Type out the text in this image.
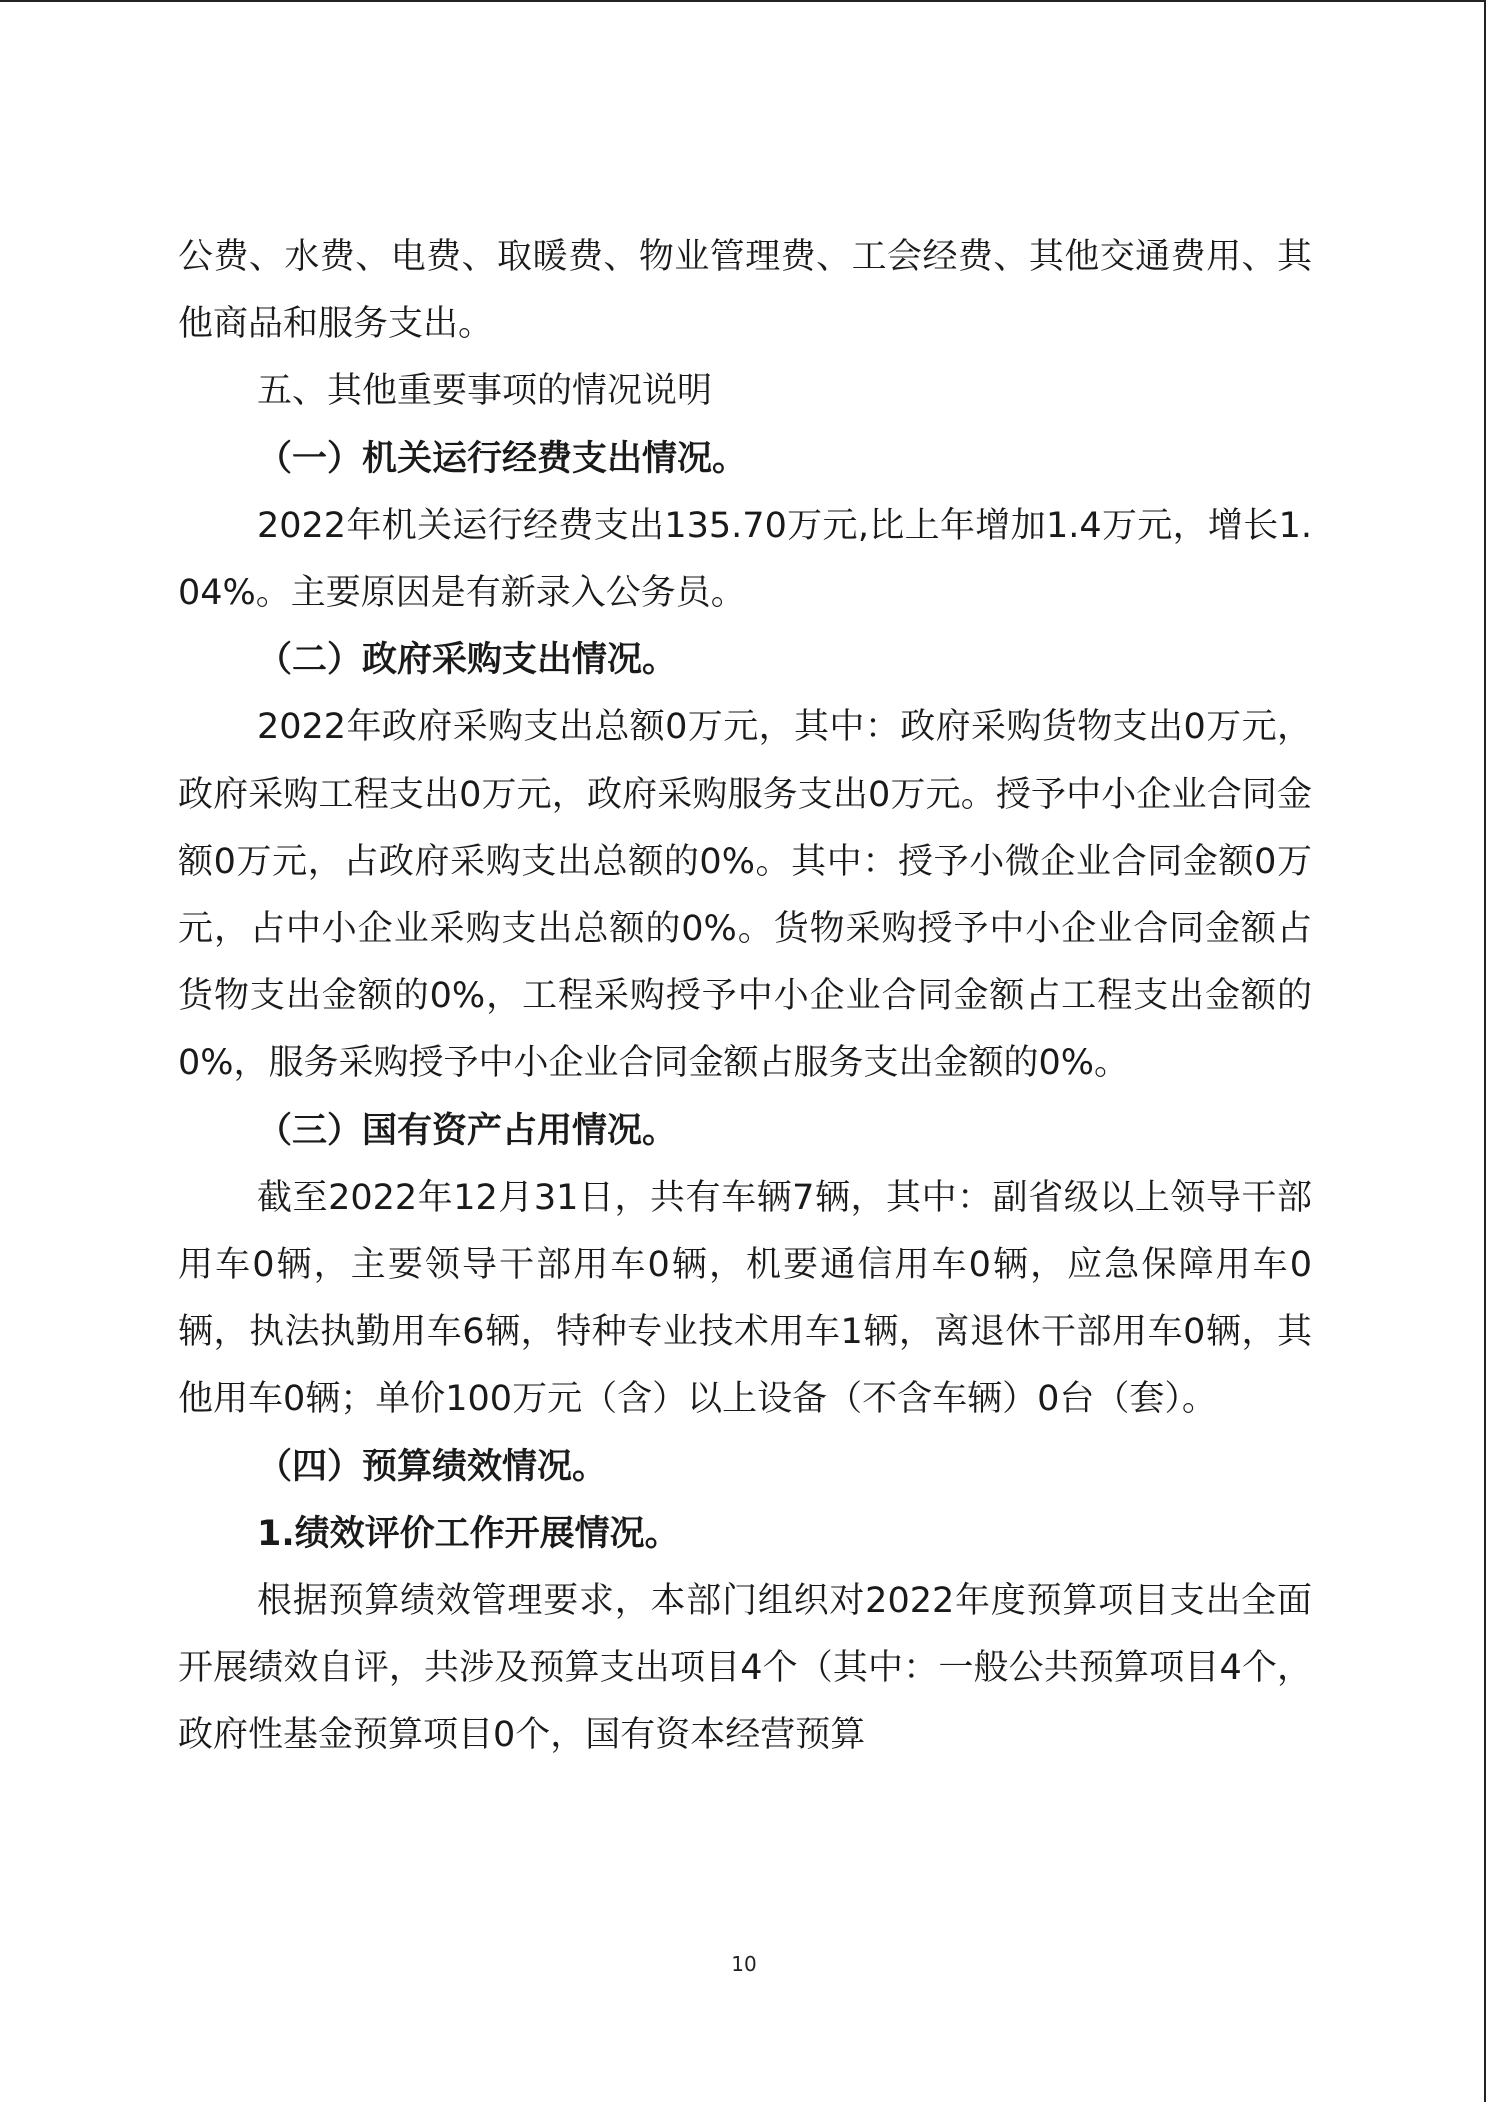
公费、水费、电费、取暖费、物业管理费、工会经费、其他交通费用、其他商品和服务支出。

五、其他重要事项的情况说明

（一）机关运行经费支出情况。

2022年机关运行经费支出135.70万元,比上年增加1.4万元，增长1.04%。主要原因是有新录入公务员。

（二）政府采购支出情况。

2022年政府采购支出总额0万元，其中：政府采购货物支出0万元，政府采购工程支出0万元，政府采购服务支出0万元。授予中小企业合同金额0万元，占政府采购支出总额的0%。其中：授予小微企业合同金额0万元，占中小企业采购支出总额的0%。货物采购授予中小企业合同金额占货物支出金额的0%，工程采购授予中小企业合同金额占工程支出金额的0%，服务采购授予中小企业合同金额占服务支出金额的0%。

（三）国有资产占用情况。

截至2022年12月31日，共有车辆7辆，其中：副省级以上领导干部用车0辆，主要领导干部用车0辆，机要通信用车0辆，应急保障用车0辆，执法执勤用车6辆，特种专业技术用车1辆，离退休干部用车0辆，其他用车0辆；单价100万元（含）以上设备（不含车辆）0台（套）。

（四）预算绩效情况。

1.绩效评价工作开展情况。

根据预算绩效管理要求，本部门组织对2022年度预算项目支出全面开展绩效自评，共涉及预算支出项目4个（其中：一般公共预算项目4个，政府性基金预算项目0个，国有资本经营预算

10
